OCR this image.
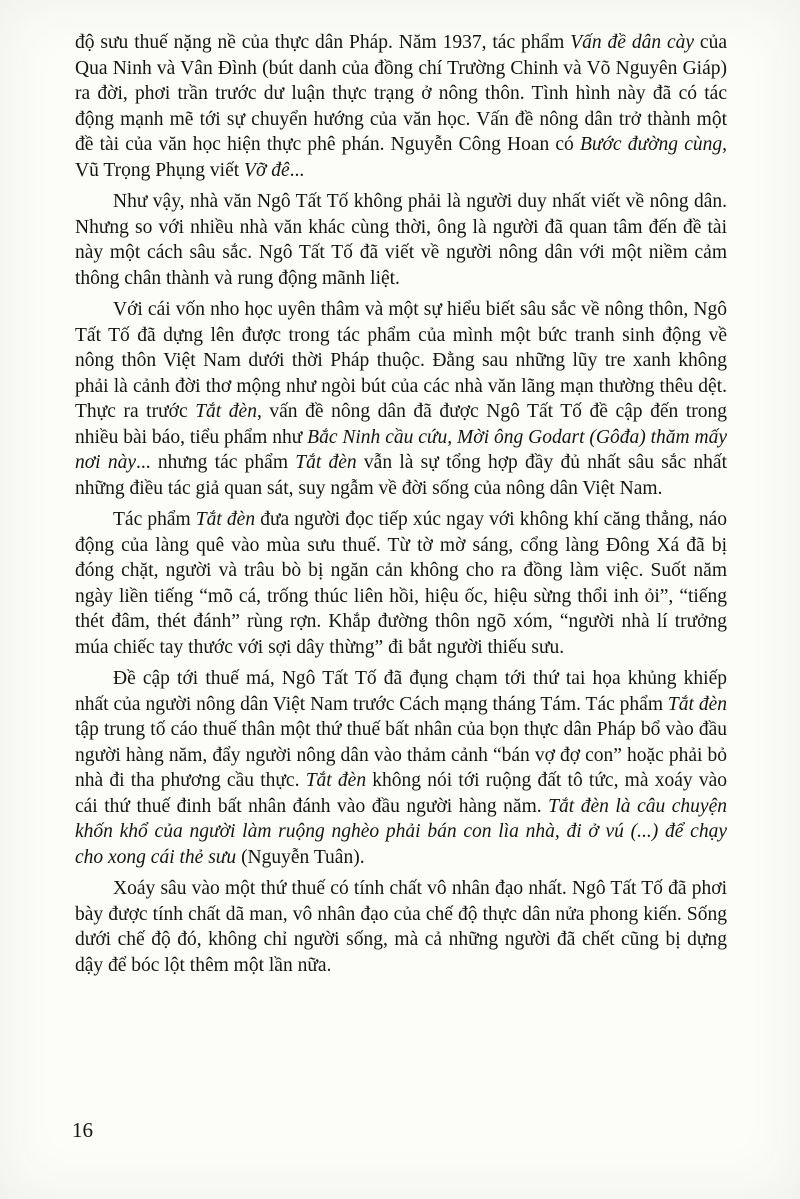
độ sưu thuế nặng nề của thực dân Pháp. Năm 1937, tác phẩm Vấn đề dân cày của Qua Ninh và Vân Đình (bút danh của đồng chí Trường Chinh và Võ Nguyên Giáp) ra đời, phơi trần trước dư luận thực trạng ở nông thôn. Tình hình này đã có tác động mạnh mẽ tới sự chuyển hướng của văn học. Vấn đề nông dân trở thành một đề tài của văn học hiện thực phê phán. Nguyễn Công Hoan có Bước đường cùng, Vũ Trọng Phụng viết Vỡ đê...

Như vậy, nhà văn Ngô Tất Tố không phải là người duy nhất viết về nông dân. Nhưng so với nhiều nhà văn khác cùng thời, ông là người đã quan tâm đến đề tài này một cách sâu sắc. Ngô Tất Tố đã viết về người nông dân với một niềm cảm thông chân thành và rung động mãnh liệt.

Với cái vốn nho học uyên thâm và một sự hiểu biết sâu sắc về nông thôn, Ngô Tất Tố đã dựng lên được trong tác phẩm của mình một bức tranh sinh động về nông thôn Việt Nam dưới thời Pháp thuộc. Đằng sau những lũy tre xanh không phải là cảnh đời thơ mộng như ngòi bút của các nhà văn lãng mạn thường thêu dệt. Thực ra trước Tắt đèn, vấn đề nông dân đã được Ngô Tất Tố đề cập đến trong nhiều bài báo, tiểu phẩm như Bắc Ninh cầu cứu, Mời ông Godart (Gôđa) thăm mấy nơi này... nhưng tác phẩm Tắt đèn vẫn là sự tổng hợp đầy đủ nhất sâu sắc nhất những điều tác giả quan sát, suy ngẫm về đời sống của nông dân Việt Nam.

Tác phẩm Tắt đèn đưa người đọc tiếp xúc ngay với không khí căng thẳng, náo động của làng quê vào mùa sưu thuế. Từ tờ mờ sáng, cổng làng Đông Xá đã bị đóng chặt, người và trâu bò bị ngăn cản không cho ra đồng làm việc. Suốt năm ngày liền tiếng “mõ cá, trống thúc liên hồi, hiệu ốc, hiệu sừng thổi inh ỏi”, “tiếng thét đâm, thét đánh” rùng rợn. Khắp đường thôn ngõ xóm, “người nhà lí trưởng múa chiếc tay thước với sợi dây thừng” đi bắt người thiếu sưu.

Đề cập tới thuế má, Ngô Tất Tố đã đụng chạm tới thứ tai họa khủng khiếp nhất của người nông dân Việt Nam trước Cách mạng tháng Tám. Tác phẩm Tắt đèn tập trung tố cáo thuế thân một thứ thuế bất nhân của bọn thực dân Pháp bổ vào đầu người hàng năm, đẩy người nông dân vào thảm cảnh “bán vợ đợ con” hoặc phải bỏ nhà đi tha phương cầu thực. Tắt đèn không nói tới ruộng đất tô tức, mà xoáy vào cái thứ thuế đinh bất nhân đánh vào đầu người hàng năm. Tắt đèn là câu chuyện khốn khổ của người làm ruộng nghèo phải bán con lìa nhà, đi ở vú (...) để chạy cho xong cái thẻ sưu (Nguyễn Tuân).

Xoáy sâu vào một thứ thuế có tính chất vô nhân đạo nhất. Ngô Tất Tố đã phơi bày được tính chất dã man, vô nhân đạo của chế độ thực dân nửa phong kiến. Sống dưới chế độ đó, không chỉ người sống, mà cả những người đã chết cũng bị dựng dậy để bóc lột thêm một lần nữa.

16
